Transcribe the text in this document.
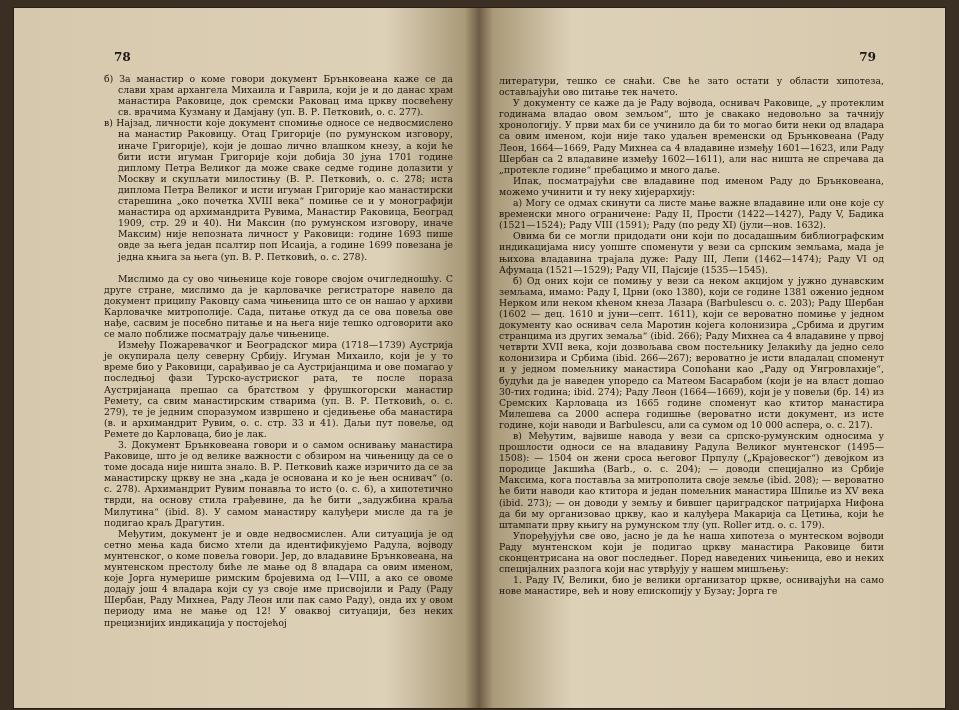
78

б) За манастир о коме говори документ Брънковеана каже се да слави храм архангела Михаила и Гаврила, који је и до данас храм манастира Раковице, док сремски Раковац има цркву посвећену св. врачима Кузману и Дамјану (уп. В. Р. Петковић, о. с. 277).

в) Најзад, личности које документ спомиње односе се недвосмислено на манастир Раковицу. Отац Григорије (по румунском изговору, иначе Григорије), који је дошао лично влашком кнезу, а који ће бити исти игуман Григорије који добија 30 јуна 1701 године диплому Петра Великог да може сваке седме године долазити у Москву и скупљати милостињу (В. Р. Петковић, о. с. 278; иста диплома Петра Великог и исти игуман Григорије као манастирски старешина „око почетка XVIII века“ помиње се и у монографији манастира од архимандрита Рувима, Манастир Раковица, Београд 1909, стр. 29 и 40). Ни Максин (по румунском изговору, иначе Максим) није непозната личност у Раковици: године 1693 пише овде за њега један псалтир поп Исаија, а године 1699 повезана је једна књига за њега (уп. В. Р. Петковић, о. с. 278).

Мислимо да су ово чињенице које говоре својом очигледношћу. С друге стране, мислимо да је карловачке регистраторе навело да документ приципу Раковцу сама чињеница што се он нашао у архиви Карловачке митрополије. Сада, питање откуд да се ова повеља ове нађе, сасвим је посебно питање и на њега није тешко одговорити ако се мало поближе посматрају даље чињенице.

Између Пожаревачког и Београдског мира (1718—1739) Аустрија је окупирала целу северну Србију. Игуман Михаило, који је у то време био у Раковици, сарађивао је са Аустријанцима и ове помагао у последњој фази Турско-аустриског рата, те после пораза Аустријанаца прешао са братством у фрушкогорски манастир Ремету, са свим манастирским стварима (уп. В. Р. Петковић, о. с. 279), те је једним споразумом извршено и сједињење оба манастира (в. и архимандрит Рувим, о. с. стр. 33 и 41). Даљи пут повеље, од Ремете до Карловаца, био је лак.

3. Документ Брънковеана говори и о самом оснивању манастира Раковице, што је од велике важности с обзиром на чињеницу да се о томе досада није ништа знало. В. Р. Петковић каже изричито да се за манастирску цркву не зна „када је основана и ко је њен оснивач“ (о. с. 278). Архимандрит Рувим понавља то исто (о. с. 6), а хипотетично тврди, на основу стила грађевине, да ће бити „задужбина краља Милутина“ (ibid. 8). У самом манастиру калуђери мисле да га је подигао краљ Драгутин.

Међутим, документ је и овде недвосмислен. Али ситуација је од сетно мења када бисмо хтели да идентификујемо Радула, војводу мунтенског, о коме повеља говори. Јер, до владавине Брънковеана, на мунтенском престолу биће ле мање од 8 владара са овим именом, које Јорга нумерише римским бројевима од I—VIII, а ако се овоме додају још 4 владара који су уз своје име присвојили и Раду (Раду Шербан, Раду Михнеа, Раду Леон или пак само Раду), онда их у овом периоду има не мање од 12! У оваквој ситуацији, без неких прецизнијих индикација у постојећој

79

литератури, тешко се снаћи. Све ће зато остати у области хипотеза, остављајући ово питање тек начето.

У документу се каже да је Раду војвода, оснивач Раковице, „у протеклим годинама владао овом земљом“, што је свакако недовољно за тачнију хронологију. У први мах би се учинило да би то могао бити неки од владара са овим именом, који није тако удаљен временски од Брънковеана (Раду Леон, 1664—1669, Раду Михнеа са 4 владавине између 1601—1623, или Раду Шербан са 2 владавине између 1602—1611), али нас ништа не спречава да „протекле године“ пребацимо и много даље.

Ипак, посматрајући све владавине под именом Раду до Брънковеана, можемо учинити и ту неку хијерархију:

а) Могу се одмах скинути са листе мање важне владавине или оне које су временски много ограничене: Раду II, Прости (1422—1427), Раду V, Бадика (1521—1524); Раду VIII (1591); Раду (по реду XI) (јули—нов. 1632).

Овима би се могли придодати они који по досадашњим библиографским индикацијама нису уопште споменути у вези са српским земљама, мада је њихова владавина трајала дуже: Раду III, Лепи (1462—1474); Раду VI од Афумаца (1521—1529); Раду VII, Пајсије (1535—1545).

б) Од оних који се помињу у вези са неком акцијом у јужно дунавским земљама, имамо: Раду I, Црни (око 1380), који се године 1381 оженио једном Нерком или неком кћеном кнеза Лазара (Barbulescu о. с. 203); Раду Шербан (1602 — дец. 1610 и јуни—септ. 1611), који се вероватно помиње у једном документу као оснивач села Маротин којега колонизира „Србима и другим странцима из других земаља“ (ibid. 266); Раду Михнеа са 4 владавине у првој четврти XVII века, који дозвољава свом постељнику Јелакићу да једно село колонизира и Србима (ibid. 266—267); вероватно је исти владалац споменут и у једном помељнику манастира Сопоћани као „Раду од Унгровлахије“, будући да је наведен упоредо са Матеом Басарабом (који је на власт дошао 30-тих година; ibid. 274); Раду Леон (1664—1669), који је у повељи (бр. 14) из Сремских Карловаца из 1665 године споменут као ктитор манастира Милешева са 2000 аспера годишње (вероватно исти документ, из исте године, који наводи и Barbulescu, али са сумом од 10 000 аспера, о. с. 217).

в) Међутим, вајвише навода у вези са српско-румунским односима у прошлости односи се на владавину Радула Великог мунтенског (1495—1508): — 1504 он жени сроса његовог Прпулу („Крајовеског“) девојком из породице Јакшића (Barb., о. с. 204); — доводи специјално из Србије Максима, кога поставља за митрополита своје земље (ibid. 208); — вероватно ће бити наводи као ктитора и један помељник манастира Шпиље из XV века (ibid. 273); — он доводи у земљу и бившег цариградског патријарха Нифона да би му организовао цркву, као и калуђера Макарија са Цетиња, који ће штампати прву књигу на румунском тлу (уп. Roller итд. о. с. 179).

Упоређујући све ово, јасно је да ће наша хипотеза о мунтеском војводи Раду мунтенском који је подигао цркву манастира Раковице бити сконцентрисана на овог последњег. Поред наведених чињеница, ево и неких специјалних разлога који нас утврђују у нашем мишљењу:

1. Раду IV, Велики, био је велики организатор цркве, оснивајући на само нове манастире, већ и нову епископију у Бузау; Јорга ге
